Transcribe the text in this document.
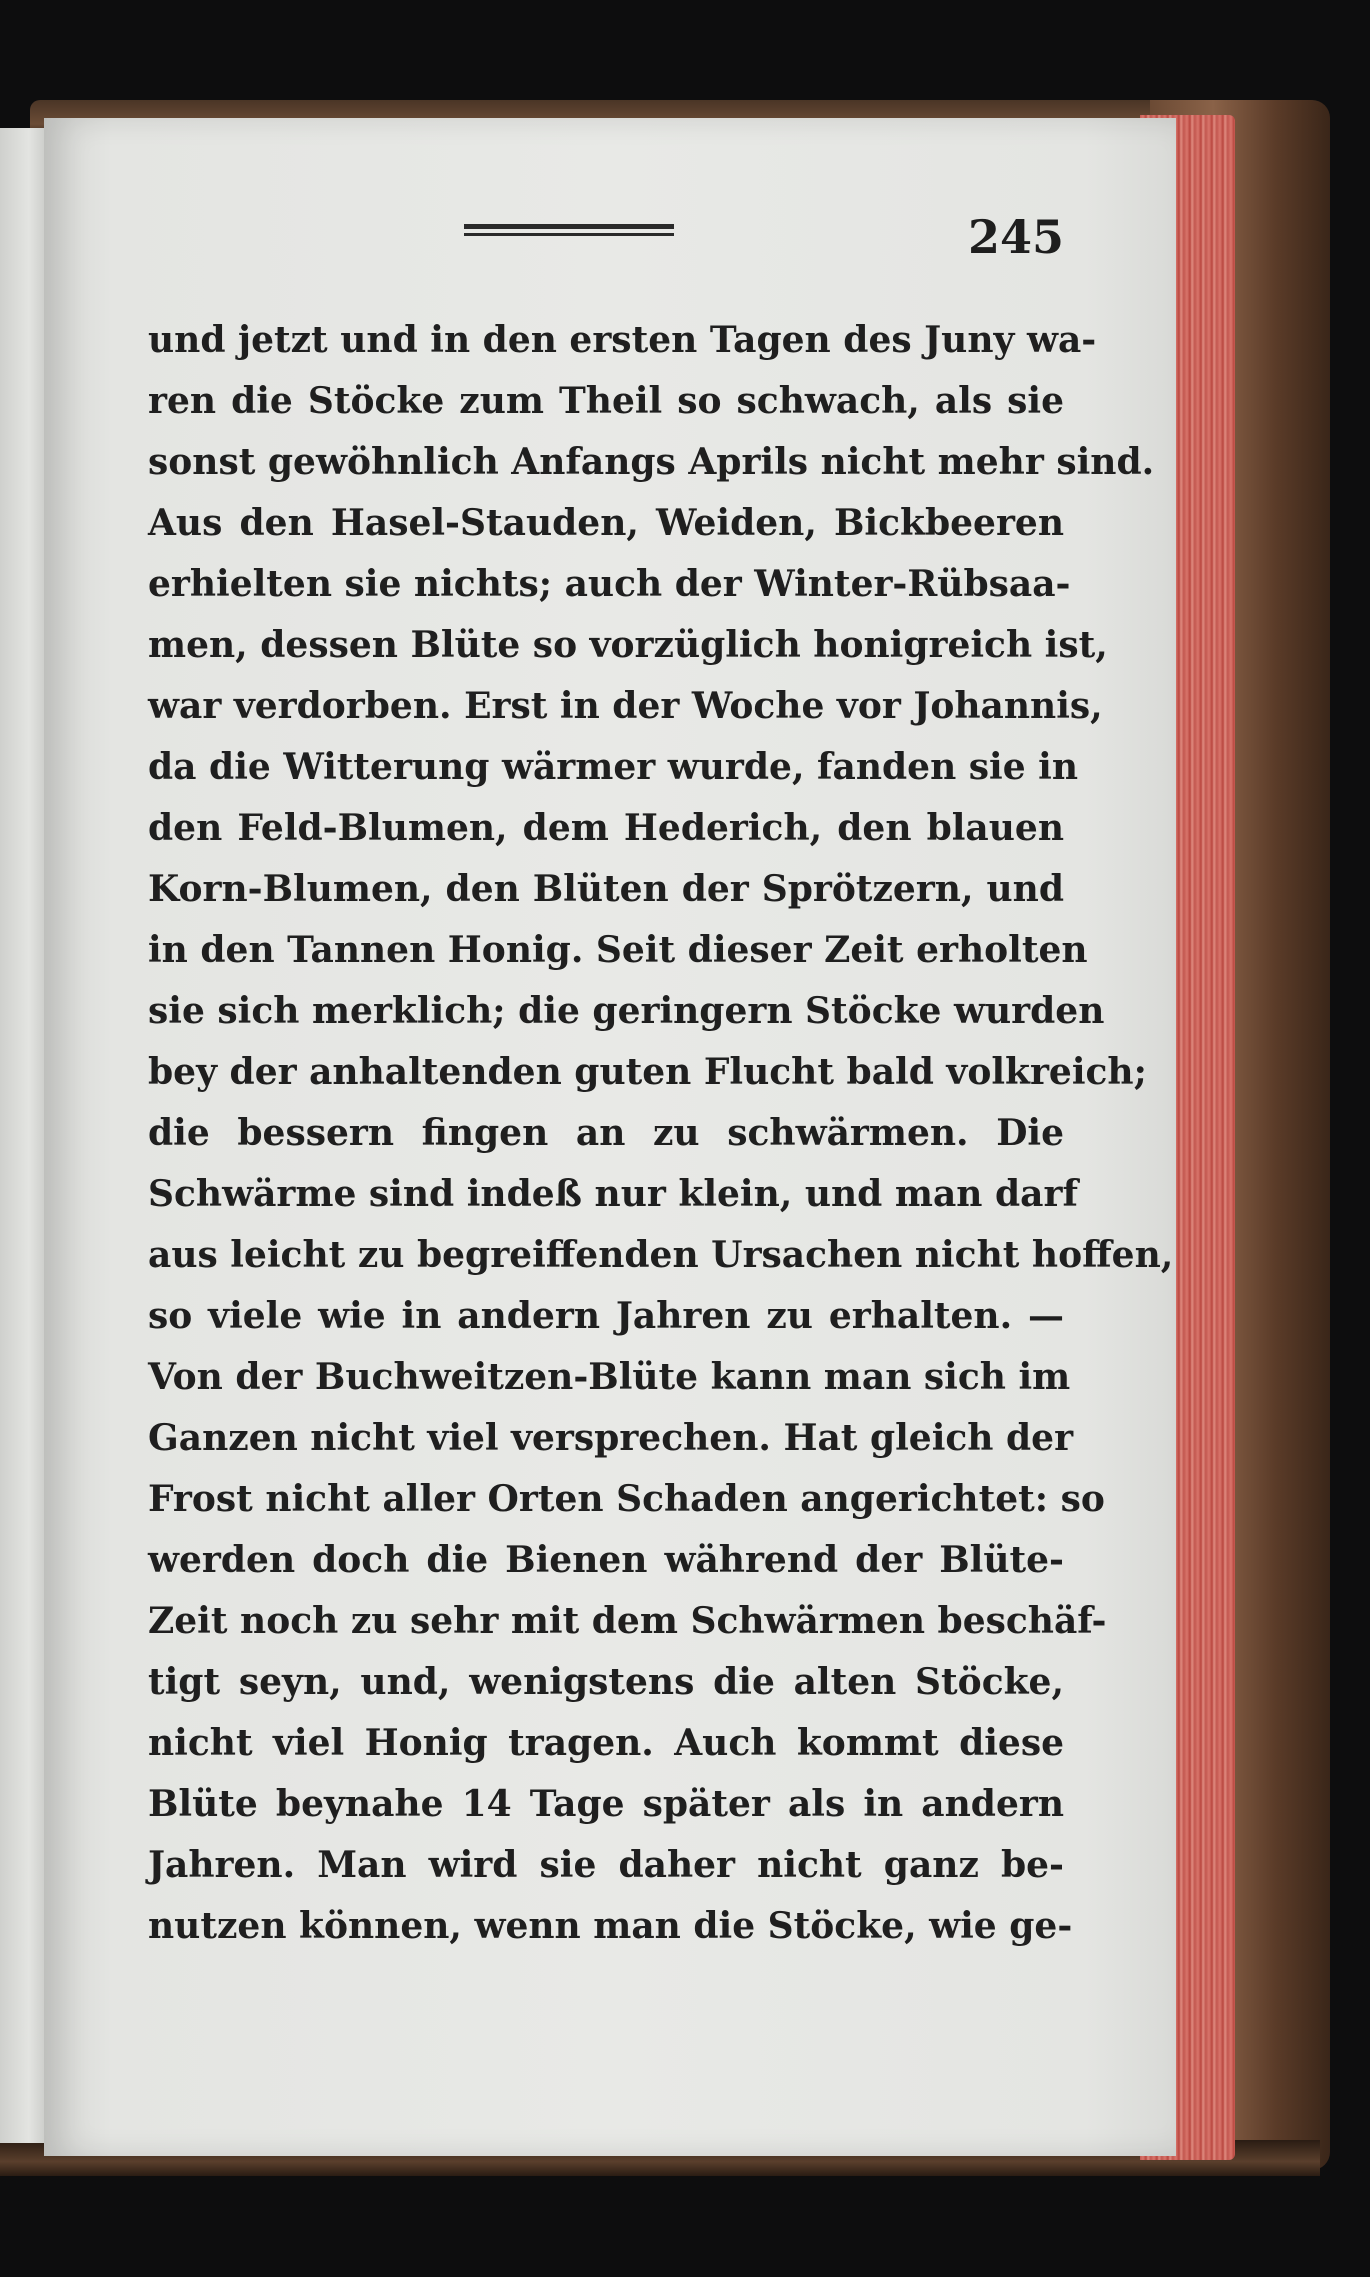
245
und jetzt und in den ersten Tagen des Juny wa-
ren die Stöcke zum Theil so schwach, als sie
sonst gewöhnlich Anfangs Aprils nicht mehr sind.
Aus den Hasel-Stauden, Weiden, Bickbeeren
erhielten sie nichts; auch der Winter-Rübsaa-
men, dessen Blüte so vorzüglich honigreich ist,
war verdorben. Erst in der Woche vor Johannis,
da die Witterung wärmer wurde, fanden sie in
den Feld-Blumen, dem Hederich, den blauen
Korn-Blumen, den Blüten der Sprötzern, und
in den Tannen Honig. Seit dieser Zeit erholten
sie sich merklich; die geringern Stöcke wurden
bey der anhaltenden guten Flucht bald volkreich;
die bessern fingen an zu schwärmen. Die
Schwärme sind indeß nur klein, und man darf
aus leicht zu begreiffenden Ursachen nicht hoffen,
so viele wie in andern Jahren zu erhalten. —
Von der Buchweitzen-Blüte kann man sich im
Ganzen nicht viel versprechen. Hat gleich der
Frost nicht aller Orten Schaden angerichtet: so
werden doch die Bienen während der Blüte-
Zeit noch zu sehr mit dem Schwärmen beschäf-
tigt seyn, und, wenigstens die alten Stöcke,
nicht viel Honig tragen. Auch kommt diese
Blüte beynahe 14 Tage später als in andern
Jahren. Man wird sie daher nicht ganz be-
nutzen können, wenn man die Stöcke, wie ge-
